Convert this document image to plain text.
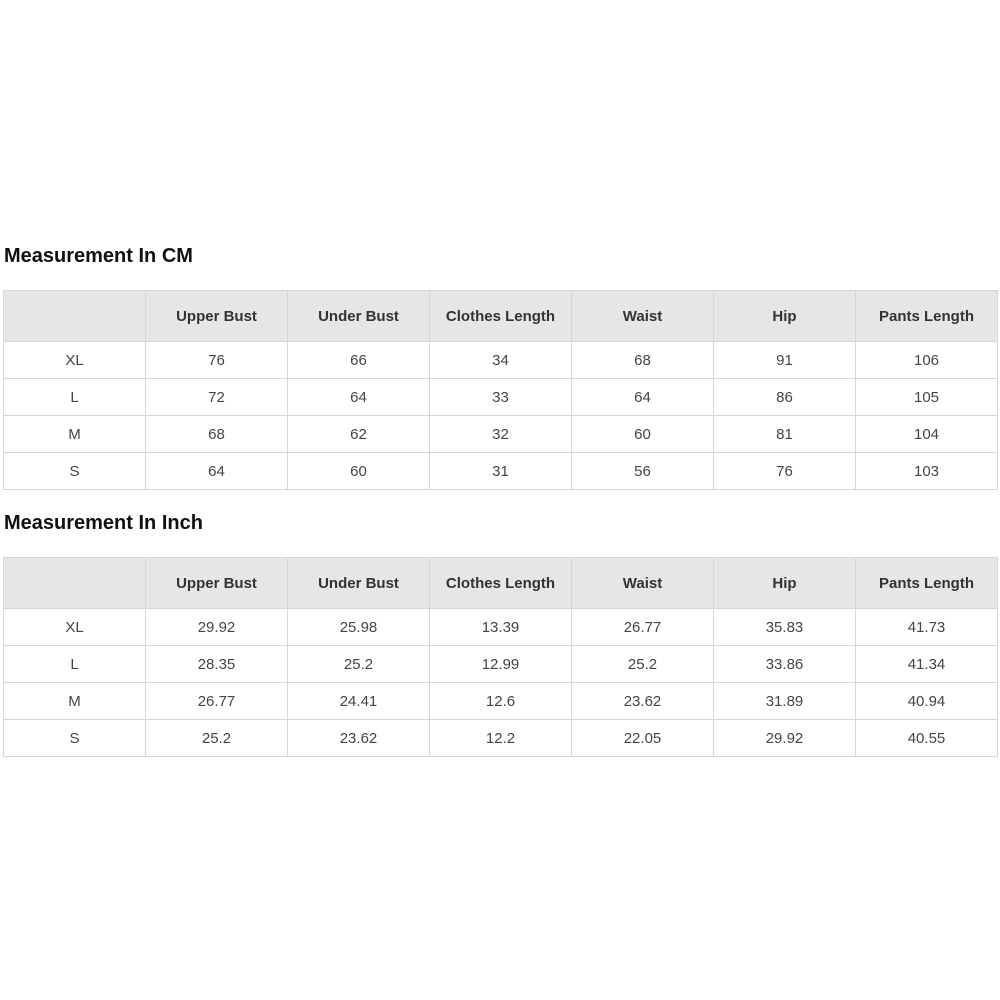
Measurement In CM
	Upper Bust	Under Bust	Clothes Length	Waist	Hip	Pants Length
XL	76	66	34	68	91	106
L	72	64	33	64	86	105
M	68	62	32	60	81	104
S	64	60	31	56	76	103
Measurement In Inch
	Upper Bust	Under Bust	Clothes Length	Waist	Hip	Pants Length
XL	29.92	25.98	13.39	26.77	35.83	41.73
L	28.35	25.2	12.99	25.2	33.86	41.34
M	26.77	24.41	12.6	23.62	31.89	40.94
S	25.2	23.62	12.2	22.05	29.92	40.55
